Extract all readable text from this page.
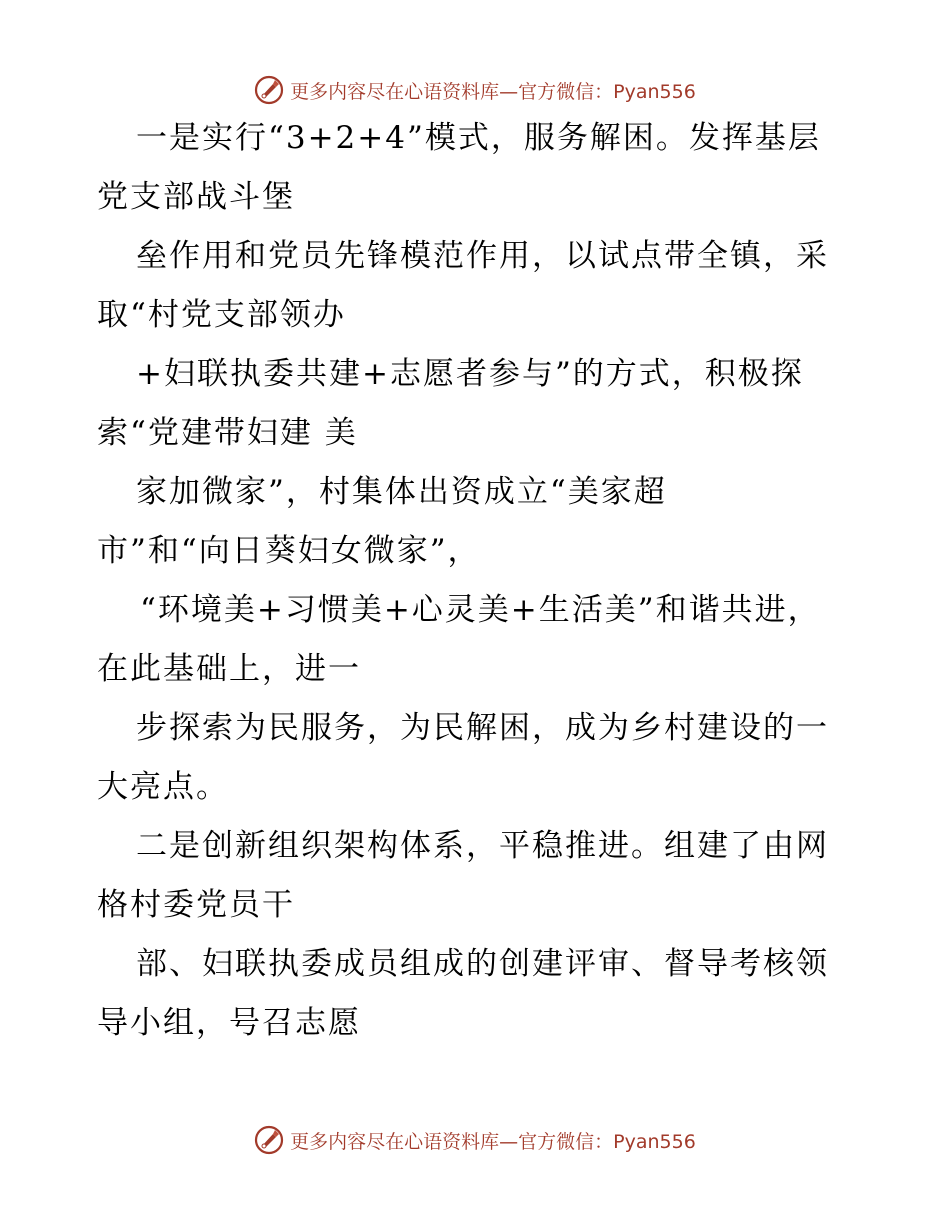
更多内容尽在心语资料库—官方微信：Pyan556
一是实行“3+2+4”模式，服务解困。发挥基层
党支部战斗堡
垒作用和党员先锋模范作用，以试点带全镇，采
取“村党支部领办
+妇联执委共建+志愿者参与”的方式，积极探
索“党建带妇建 美
家加微家”，村集体出资成立“美家超
市”和“向日葵妇女微家”，
“环境美+习惯美+心灵美+生活美”和谐共进，
在此基础上，进一
步探索为民服务，为民解困，成为乡村建设的一
大亮点。
二是创新组织架构体系，平稳推进。组建了由网
格村委党员干
部、妇联执委成员组成的创建评审、督导考核领
导小组，号召志愿
更多内容尽在心语资料库—官方微信：Pyan556
